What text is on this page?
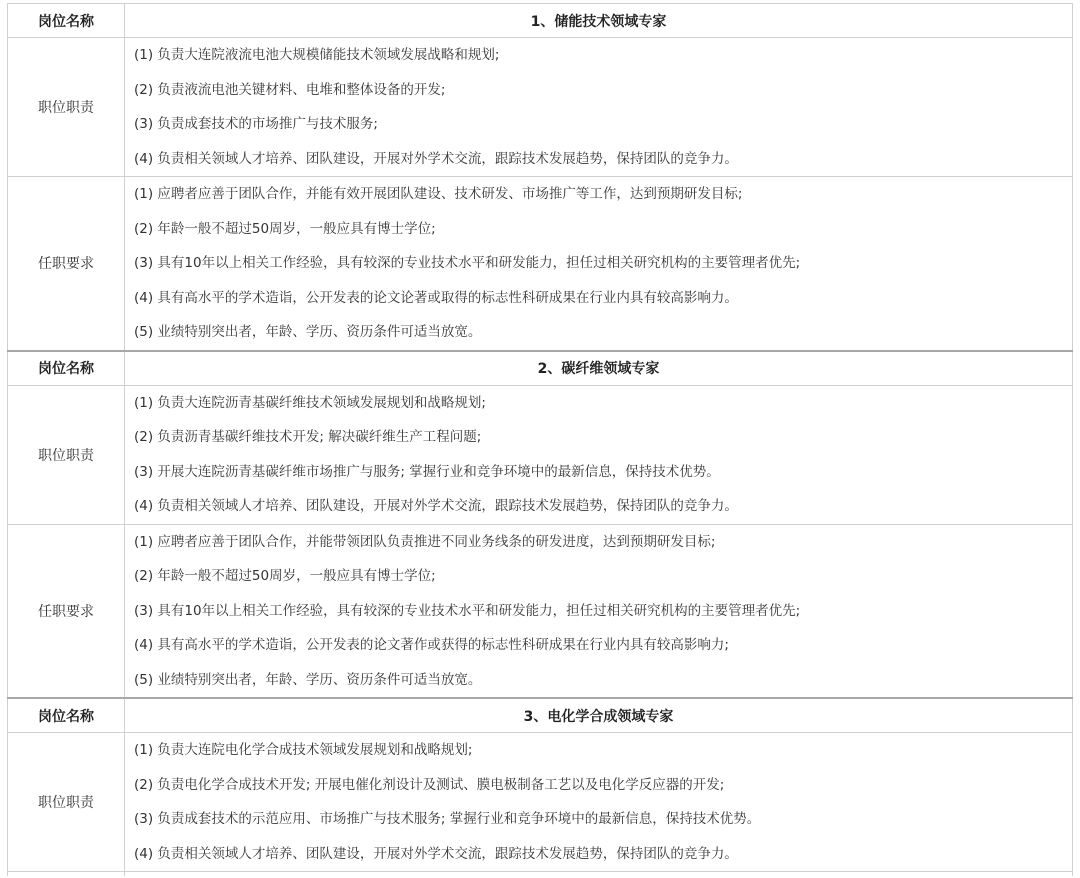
岗位名称	1、储能技术领域专家
职位职责	(1) 负责大连院液流电池大规模储能技术领域发展战略和规划;
(2) 负责液流电池关键材料、电堆和整体设备的开发;
(3) 负责成套技术的市场推广与技术服务;
(4) 负责相关领域人才培养、团队建设，开展对外学术交流，跟踪技术发展趋势，保持团队的竞争力。

任职要求	(1) 应聘者应善于团队合作，并能有效开展团队建设、技术研发、市场推广等工作，达到预期研发目标;
(2) 年龄一般不超过50周岁，一般应具有博士学位;
(3) 具有10年以上相关工作经验，具有较深的专业技术水平和研发能力，担任过相关研究机构的主要管理者优先;
(4) 具有高水平的学术造诣，公开发表的论文论著或取得的标志性科研成果在行业内具有较高影响力。
(5) 业绩特别突出者，年龄、学历、资历条件可适当放宽。

岗位名称	2、碳纤维领域专家
职位职责	(1) 负责大连院沥青基碳纤维技术领域发展规划和战略规划;
(2) 负责沥青基碳纤维技术开发; 解决碳纤维生产工程问题;
(3) 开展大连院沥青基碳纤维市场推广与服务; 掌握行业和竞争环境中的最新信息，保持技术优势。
(4) 负责相关领域人才培养、团队建设，开展对外学术交流，跟踪技术发展趋势，保持团队的竞争力。

任职要求	(1) 应聘者应善于团队合作，并能带领团队负责推进不同业务线条的研发进度，达到预期研发目标;
(2) 年龄一般不超过50周岁，一般应具有博士学位;
(3) 具有10年以上相关工作经验，具有较深的专业技术水平和研发能力，担任过相关研究机构的主要管理者优先;
(4) 具有高水平的学术造诣，公开发表的论文著作或获得的标志性科研成果在行业内具有较高影响力;
(5) 业绩特别突出者，年龄、学历、资历条件可适当放宽。

岗位名称	3、电化学合成领域专家
职位职责	(1) 负责大连院电化学合成技术领域发展规划和战略规划;
(2) 负责电化学合成技术开发; 开展电催化剂设计及测试、膜电极制备工艺以及电化学反应器的开发;
(3) 负责成套技术的示范应用、市场推广与技术服务; 掌握行业和竞争环境中的最新信息，保持技术优势。
(4) 负责相关领域人才培养、团队建设，开展对外学术交流，跟踪技术发展趋势，保持团队的竞争力。
